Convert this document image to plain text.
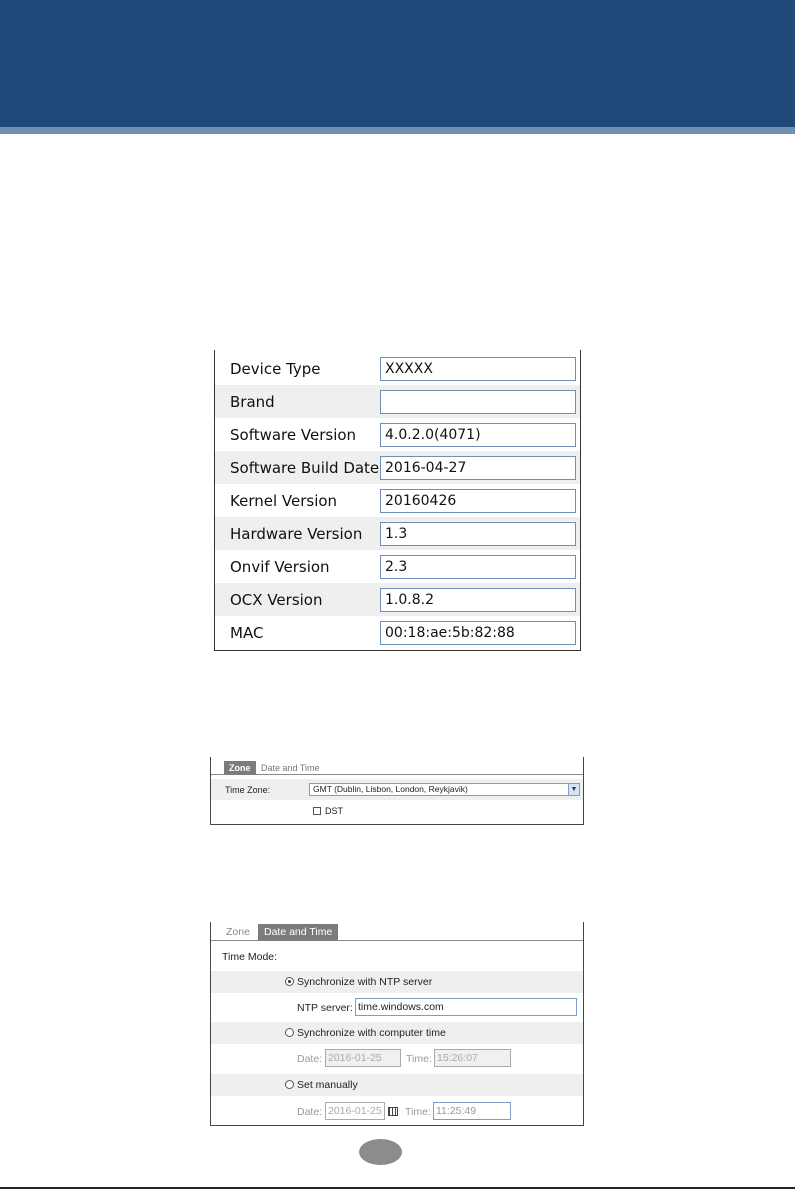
Device Type	XXXXX
Brand
Software Version	4.0.2.0(4071)
Software Build Date 2016-04-27
Kernel Version	20160426
Hardware Version	1.3
Onvif Version	2.3
OCX Version	1.0.8.2
MAC	00:18:ae:5b:82:88
Zone	Date and Time
Time Zone:	GMT (Dublin, Lisbon, London, Reykjavik)	▼
DST
Zone	Date and Time
Time Mode:
Synchronize with NTP server
NTP server: time.windows.com
Synchronize with computer time
Date: 2016-01-25	Time: 15:26:07
Set manually
Date: 2016-01-25	Time: 11:25:49
